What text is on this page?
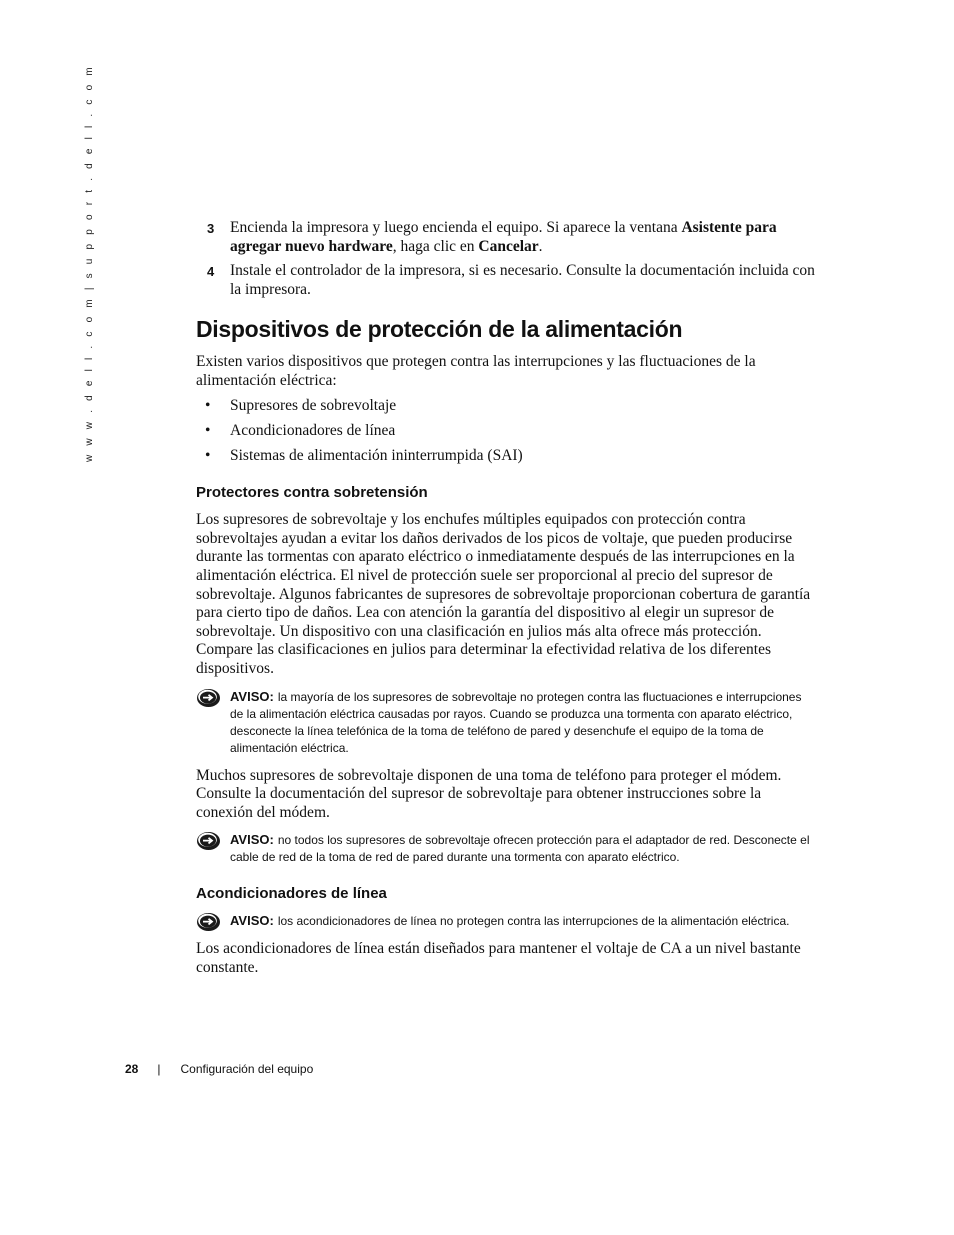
w w w . d e l l . c o m | s u p p o r t . d e l l . c o m	3 Encienda la impresora y luego encienda el equipo. Si aparece la ventana Asistente para agregar nuevo hardware, haga clic en Cancelar.
4 Instale el controlador de la impresora, si es necesario. Consulte la documentación incluida con la impresora.
Dispositivos de protección de la alimentación

Existen varios dispositivos que protegen contra las interrupciones y las fluctuaciones de la alimentación eléctrica:

• Supresores de sobrevoltaje
• Acondicionadores de línea
• Sistemas de alimentación ininterrumpida (SAI)
Protectores contra sobretensión

Los supresores de sobrevoltaje y los enchufes múltiples equipados con protección contra sobrevoltajes ayudan a evitar los daños derivados de los picos de voltaje, que pueden producirse durante las tormentas con aparato eléctrico o inmediatamente después de las interrupciones en la alimentación eléctrica. El nivel de protección suele ser proporcional al precio del supresor de sobrevoltaje. Algunos fabricantes de supresores de sobrevoltaje proporcionan cobertura de garantía para cierto tipo de daños. Lea con atención la garantía del dispositivo al elegir un supresor de sobrevoltaje. Un dispositivo con una clasificación en julios más alta ofrece más protección. Compare las clasificaciones en julios para determinar la efectividad relativa de los diferentes dispositivos.

AVISO: la mayoría de los supresores de sobrevoltaje no protegen contra las fluctuaciones e interrupciones de la alimentación eléctrica causadas por rayos. Cuando se produzca una tormenta con aparato eléctrico, desconecte la línea telefónica de la toma de teléfono de pared y desenchufe el equipo de la toma de alimentación eléctrica.

Muchos supresores de sobrevoltaje disponen de una toma de teléfono para proteger el módem. Consulte la documentación del supresor de sobrevoltaje para obtener instrucciones sobre la conexión del módem.

AVISO: no todos los supresores de sobrevoltaje ofrecen protección para el adaptador de red. Desconecte el cable de red de la toma de red de pared durante una tormenta con aparato eléctrico.
Acondicionadores de línea
AVISO: los acondicionadores de línea no protegen contra las interrupciones de la alimentación eléctrica.

Los acondicionadores de línea están diseñados para mantener el voltaje de CA a un nivel bastante constante.

28 | Configuración del equipo
